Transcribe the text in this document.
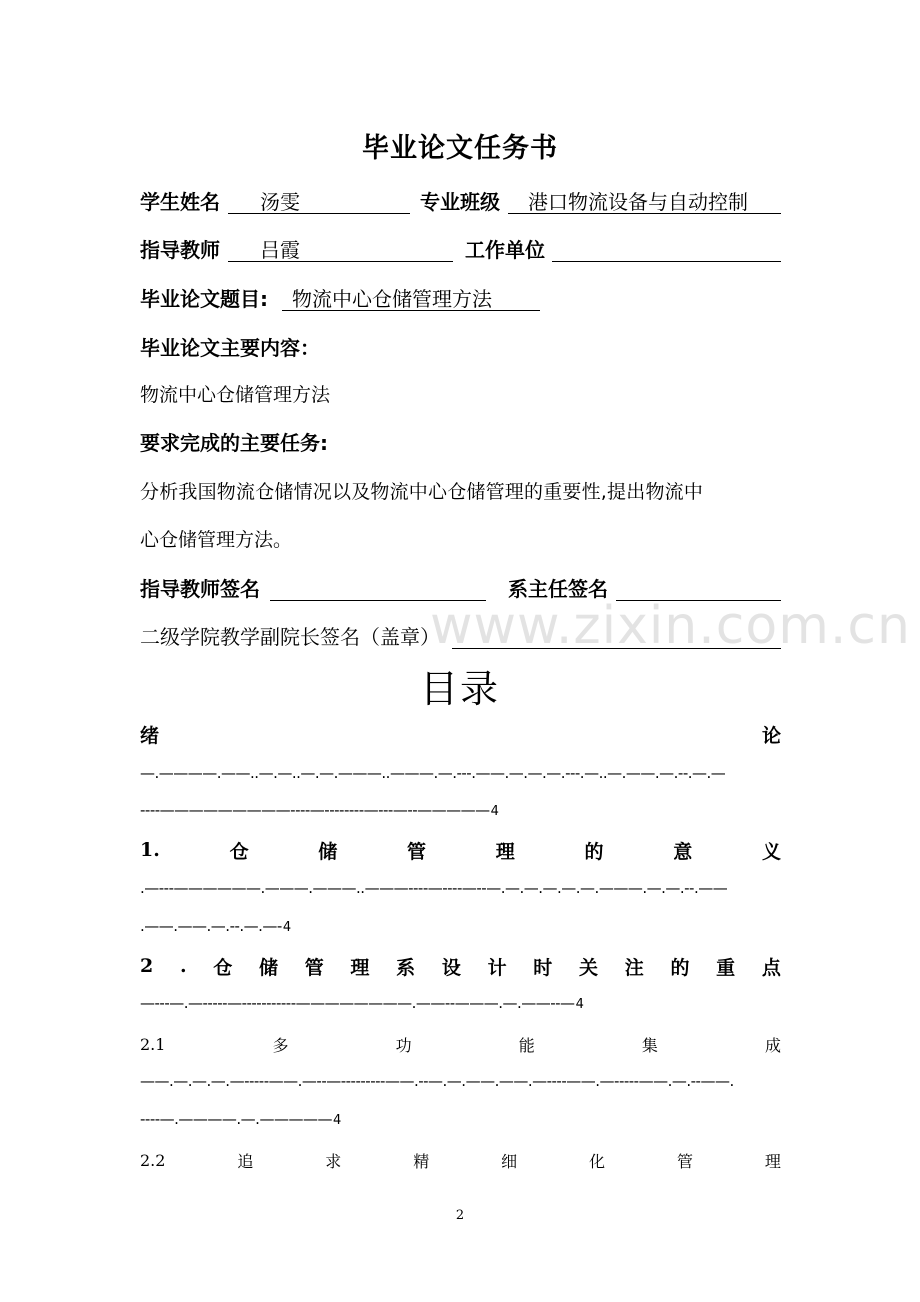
毕业论文任务书
学生姓名	汤雯	专业班级	港口物流设备与自动控制
指导教师	吕霞	工作单位
毕业论文题目:	物流中心仓储管理方法
毕业论文主要内容：
物流中心仓储管理方法
要求完成的主要任务:
分析我国物流仓储情况以及物流中心仓储管理的重要性,提出物流中
心仓储管理方法。
指导教师签名	系主任签名
二级学院教学副院长签名（盖章）
www.zixin.com.cn
目录
绪	论
—.————.——..—.—..—.—.———..———.—.---.——.—.—.—.---.—..—.——.—.--.—.—
----—————————----—--------—---—--—————4
1.	仓	储	管	理	的	意	义
.—---——————.———.———..———----—----—--—.—.—.—.—.—.———.—.—.--.——
.——.——.—.--.—.—-4
2 . 仓 储 管 理 系 设 计 时 关 注 的 重 点
—---—.—-----—-----------————————.——--———.—.——--—4
2.1	多	功	能	集	成
——.—.—.—.—-----——.—--—---------——.--—.—.——.——.—----——.—-----——.—.--——.
----—.————.—.—————4
2.2	追	求	精	细	化	管	理
2
